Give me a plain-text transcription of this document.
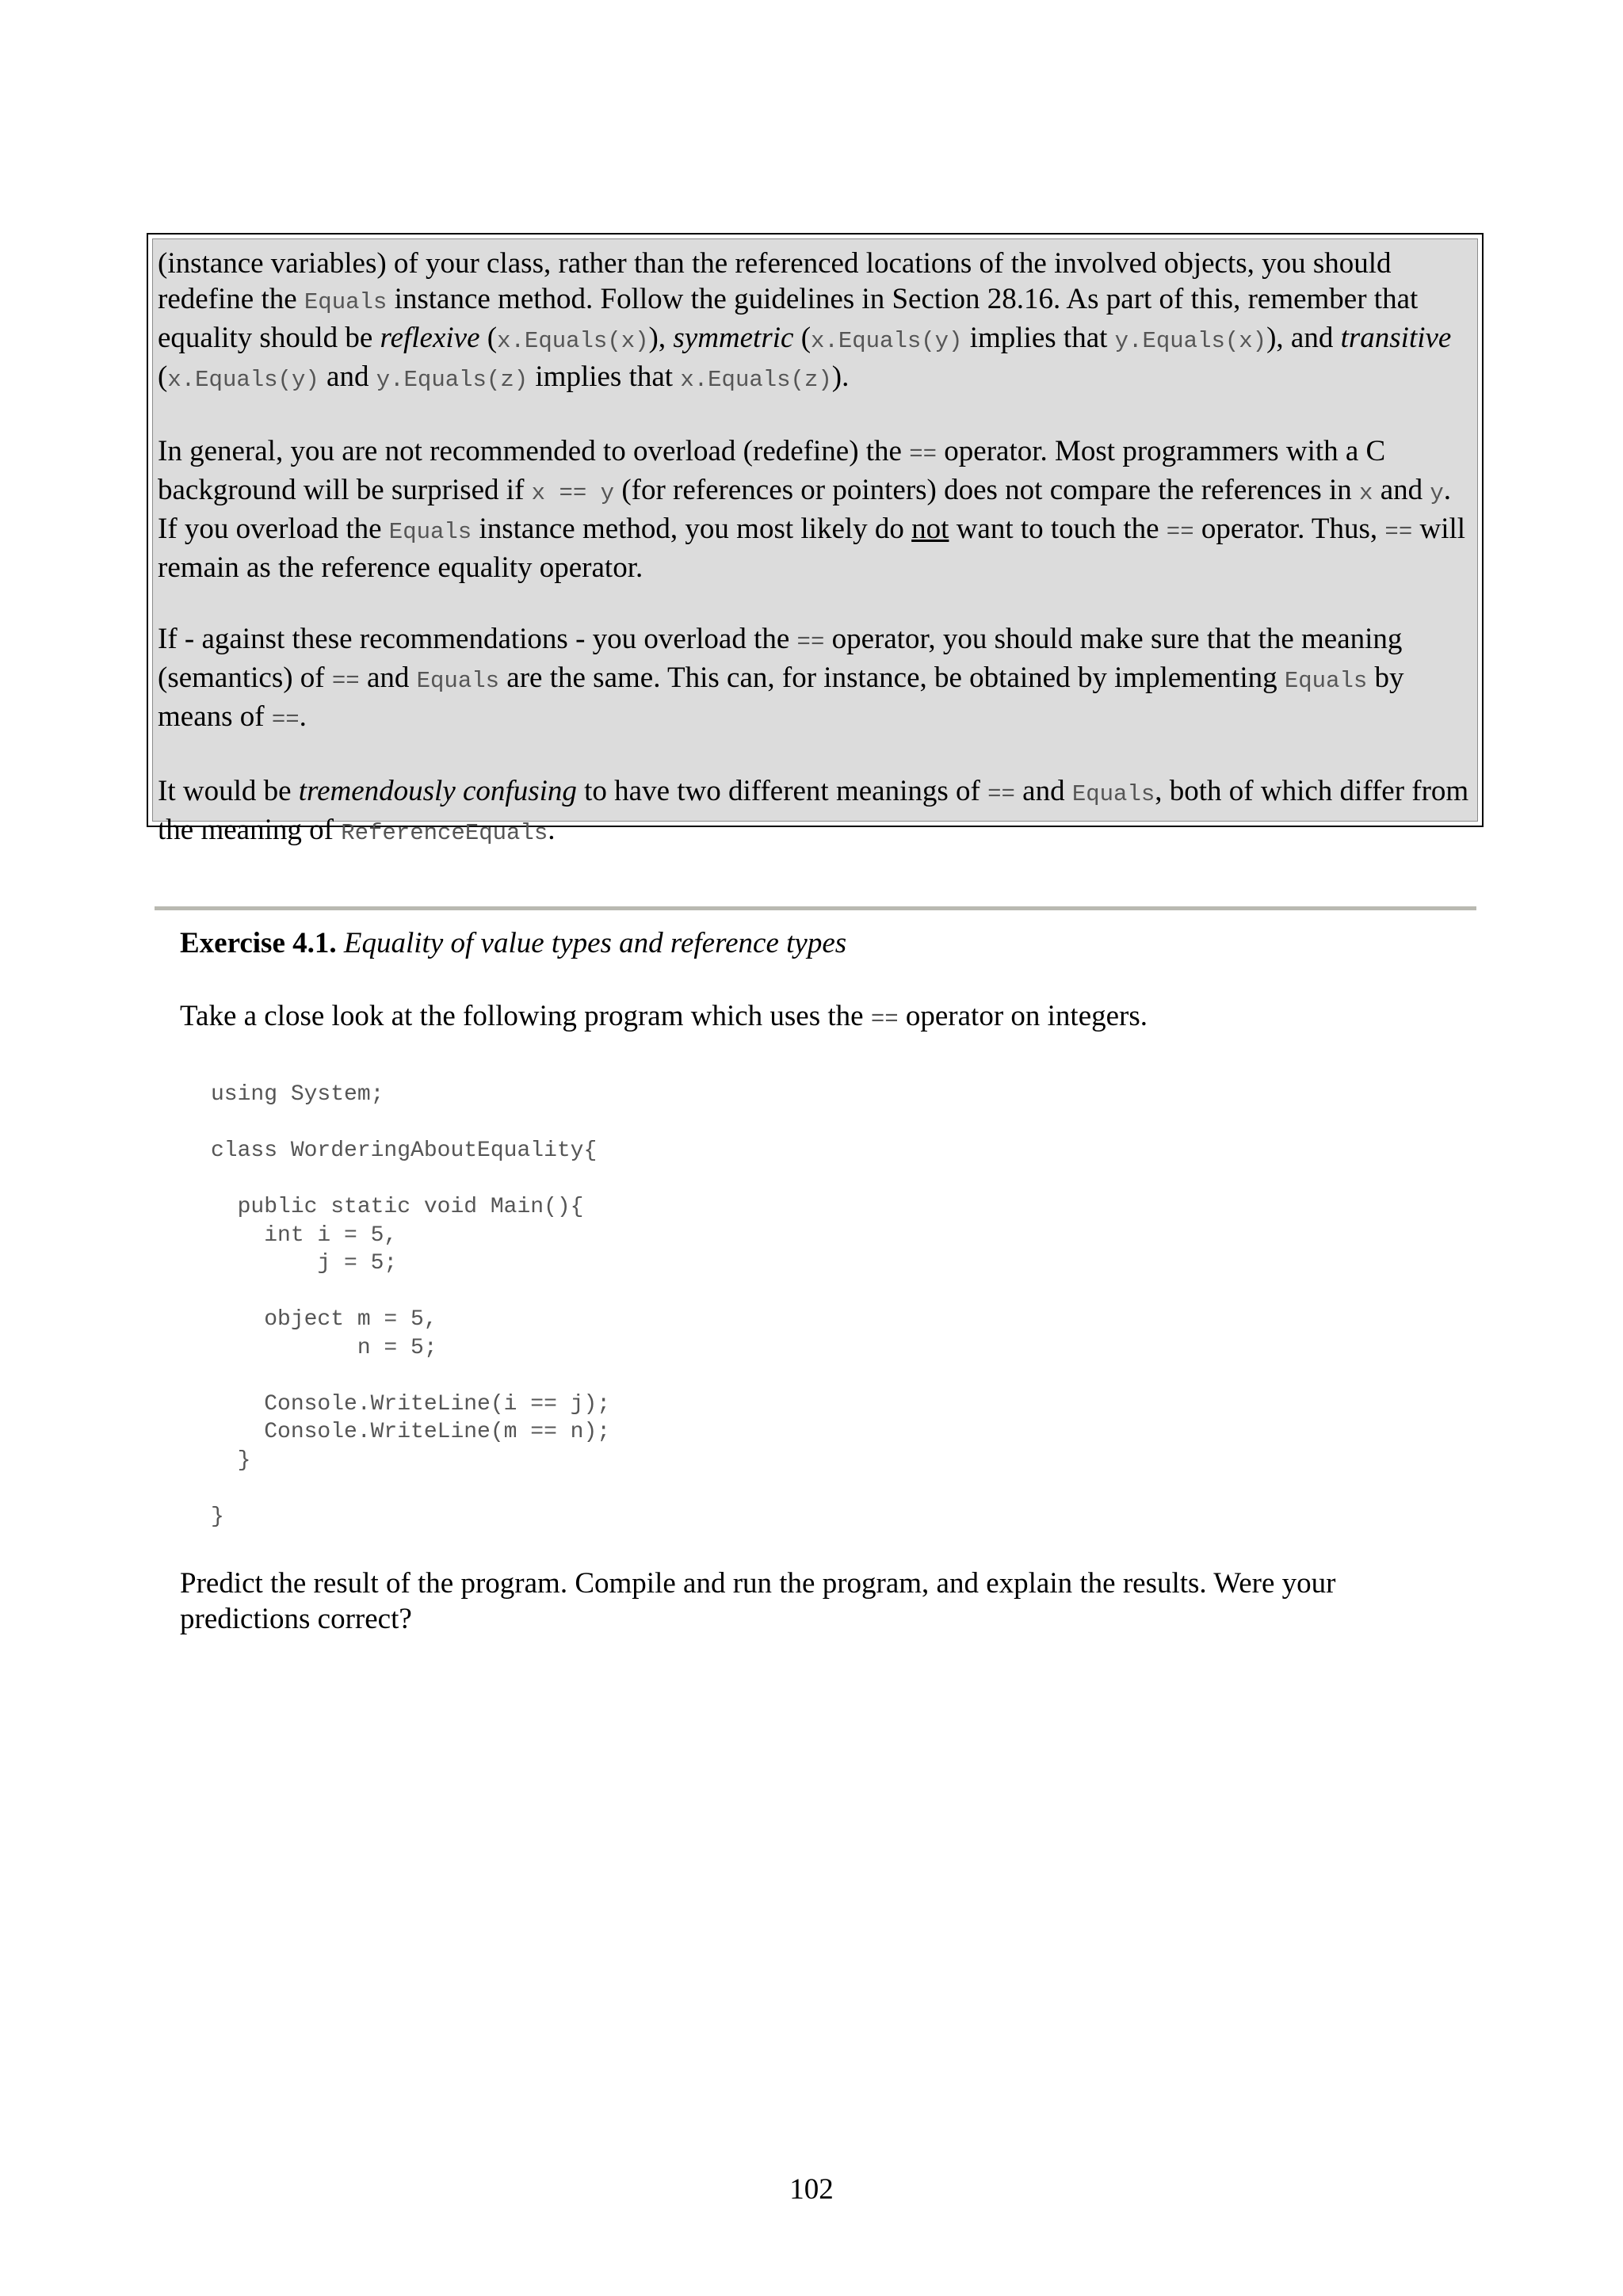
(instance variables) of your class, rather than the referenced locations of the involved objects, you should redefine the Equals instance method. Follow the guidelines in Section 28.16. As part of this, remember that equality should be reflexive (x.Equals(x)), symmetric (x.Equals(y) implies that y.Equals(x)), and transitive (x.Equals(y) and y.Equals(z) implies that x.Equals(z)).

In general, you are not recommended to overload (redefine) the == operator. Most programmers with a C background will be surprised if x == y (for references or pointers) does not compare the references in x and y. If you overload the Equals instance method, you most likely do not want to touch the == operator. Thus, == will remain as the reference equality operator.

If - against these recommendations - you overload the == operator, you should make sure that the meaning (semantics) of == and Equals are the same. This can, for instance, be obtained by implementing Equals by means of ==.

It would be tremendously confusing to have two different meanings of == and Equals, both of which differ from the meaning of ReferenceEquals.

Exercise 4.1. Equality of value types and reference types

Take a close look at the following program which uses the == operator on integers.

using System;

class WorderingAboutEquality{

public static void Main(){
int i = 5,
j = 5;

object m = 5,
n = 5;

Console.WriteLine(i == j);
Console.WriteLine(m == n);
}

}

Predict the result of the program. Compile and run the program, and explain the results. Were your predictions correct?

102
